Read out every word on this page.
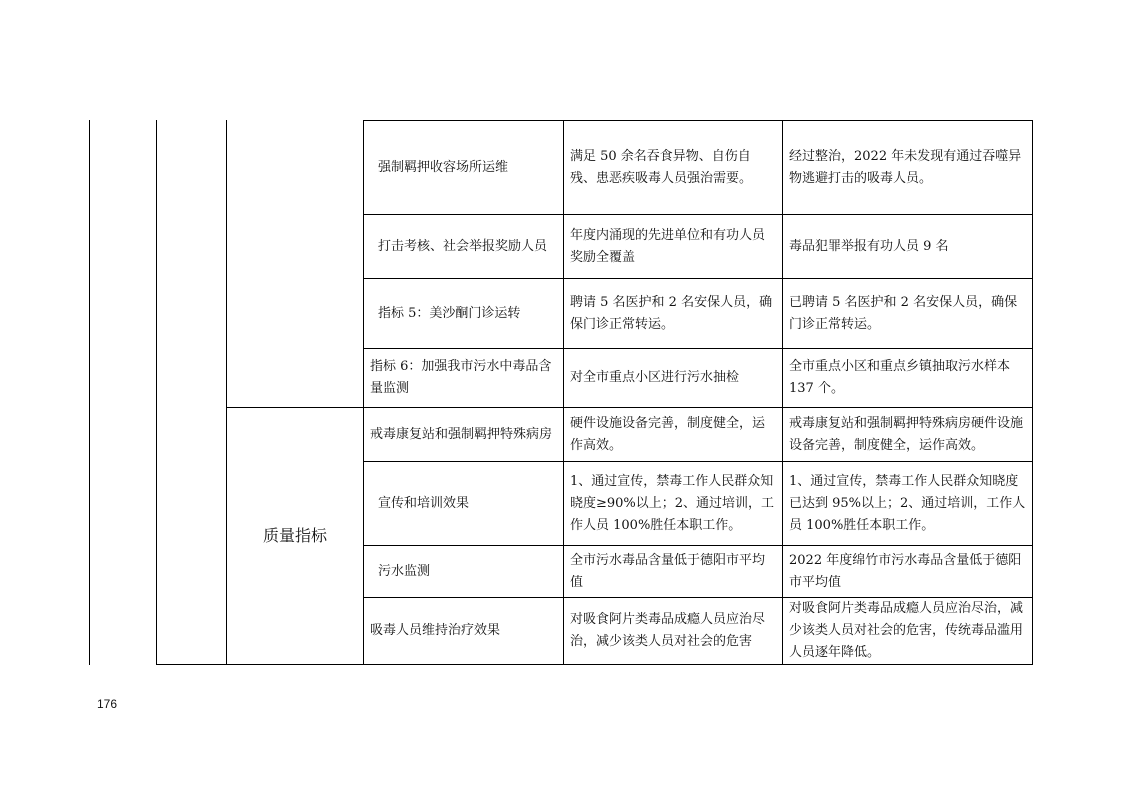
质量指标
强制羁押收容场所运维
满足 50 余名吞食异物、自伤自残、患恶疾吸毒人员强治需要。
经过整治，2022 年未发现有通过吞噬异物逃避打击的吸毒人员。
打击考核、社会举报奖励人员
年度内涌现的先进单位和有功人员奖励全覆盖
毒品犯罪举报有功人员 9 名
指标 5：美沙酮门诊运转
聘请 5 名医护和 2 名安保人员，确保门诊正常转运。
已聘请 5 名医护和 2 名安保人员，确保门诊正常转运。
指标 6：加强我市污水中毒品含量监测
对全市重点小区进行污水抽检
全市重点小区和重点乡镇抽取污水样本 137 个。
戒毒康复站和强制羁押特殊病房
硬件设施设备完善，制度健全，运作高效。
戒毒康复站和强制羁押特殊病房硬件设施设备完善，制度健全，运作高效。
宣传和培训效果
1、通过宣传，禁毒工作人民群众知晓度≥90%以上；2、通过培训，工作人员 100%胜任本职工作。
1、通过宣传，禁毒工作人民群众知晓度已达到 95%以上；2、通过培训，工作人员 100%胜任本职工作。
污水监测
全市污水毒品含量低于德阳市平均值
2022 年度绵竹市污水毒品含量低于德阳市平均值
吸毒人员维持治疗效果
对吸食阿片类毒品成瘾人员应治尽治，减少该类人员对社会的危害
对吸食阿片类毒品成瘾人员应治尽治，减少该类人员对社会的危害，传统毒品滥用人员逐年降低。
176
